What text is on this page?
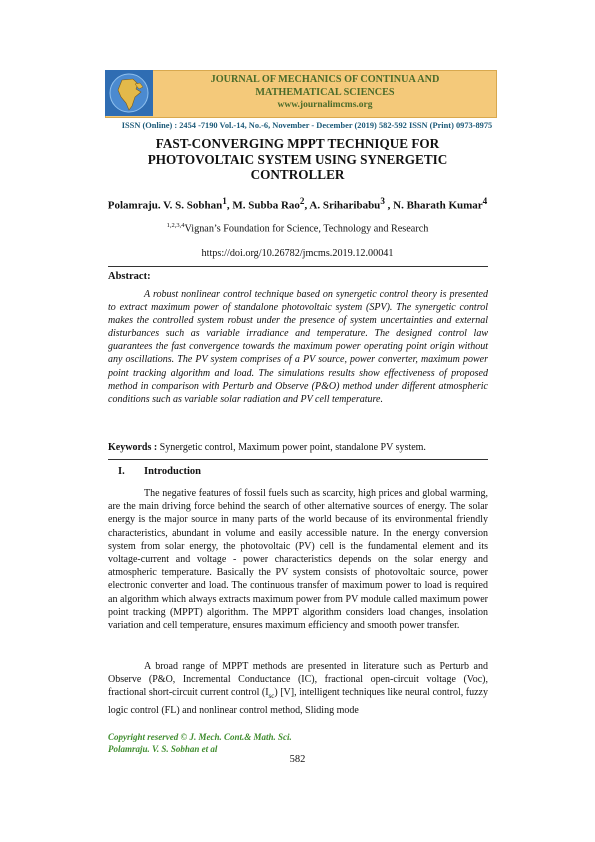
JOURNAL OF MECHANICS OF CONTINUA AND
MATHEMATICAL SCIENCES
www.journalimcms.org
ISSN (Online) : 2454 -7190 Vol.-14, No.-6, November - December (2019) 582-592 ISSN (Print) 0973-8975
FAST-CONVERGING MPPT TECHNIQUE FOR
PHOTOVOLTAIC SYSTEM USING SYNERGETIC
CONTROLLER
Polamraju. V. S. Sobhan$^1$, M. Subba Rao$^2$, A. Sriharibabu$^3$ , N. Bharath Kumar$^4$
$^{1,2,3,4}$Vignan’s Foundation for Science, Technology and Research
https://doi.org/10.26782/jmcms.2019.12.00041
Abstract:
A robust nonlinear control technique based on synergetic control theory is presented to extract maximum power of standalone photovoltaic system (SPV). The synergetic control makes the controlled system robust under the presence of system uncertainties and external disturbances such as variable irradiance and temperature. The designed control law guarantees the fast convergence towards the maximum power operating point origin without any oscillations. The PV system comprises of a PV source, power converter, maximum power point tracking algorithm and load. The simulations results show effectiveness of proposed method in comparison with Perturb and Observe (P&O) method under different atmospheric conditions such as variable solar radiation and PV cell temperature.
Keywords : Synergetic control, Maximum power point, standalone PV system.
I. Introduction
The negative features of fossil fuels such as scarcity, high prices and global warming, are the main driving force behind the search of other alternative sources of energy. The solar energy is the major source in many parts of the world because of its environmental friendly characteristics, abundant in volume and easily accessible nature. In the energy conversion system from solar energy, the photovoltaic (PV) cell is the fundamental element and its voltage-current and voltage - power characteristics depends on the solar energy and atmospheric temperature. Basically the PV system consists of photovoltaic source, power electronic converter and load. The continuous transfer of maximum power to load is required an algorithm which always extracts maximum power from PV module called maximum power point tracking (MPPT) algorithm. The MPPT algorithm considers load changes, insolation variation and cell temperature, ensures maximum efficiency and smooth power transfer.
A broad range of MPPT methods are presented in literature such as Perturb and Observe (P&O, Incremental Conductance (IC), fractional open-circuit voltage (Voc), fractional short-circuit current control $(I_{sc})$ [V], intelligent techniques like neural control, fuzzy logic control (FL) and nonlinear control method, Sliding mode
Copyright reserved © J. Mech. Cont.& Math. Sci.
Polamraju. V. S. Sobhan et al
582
